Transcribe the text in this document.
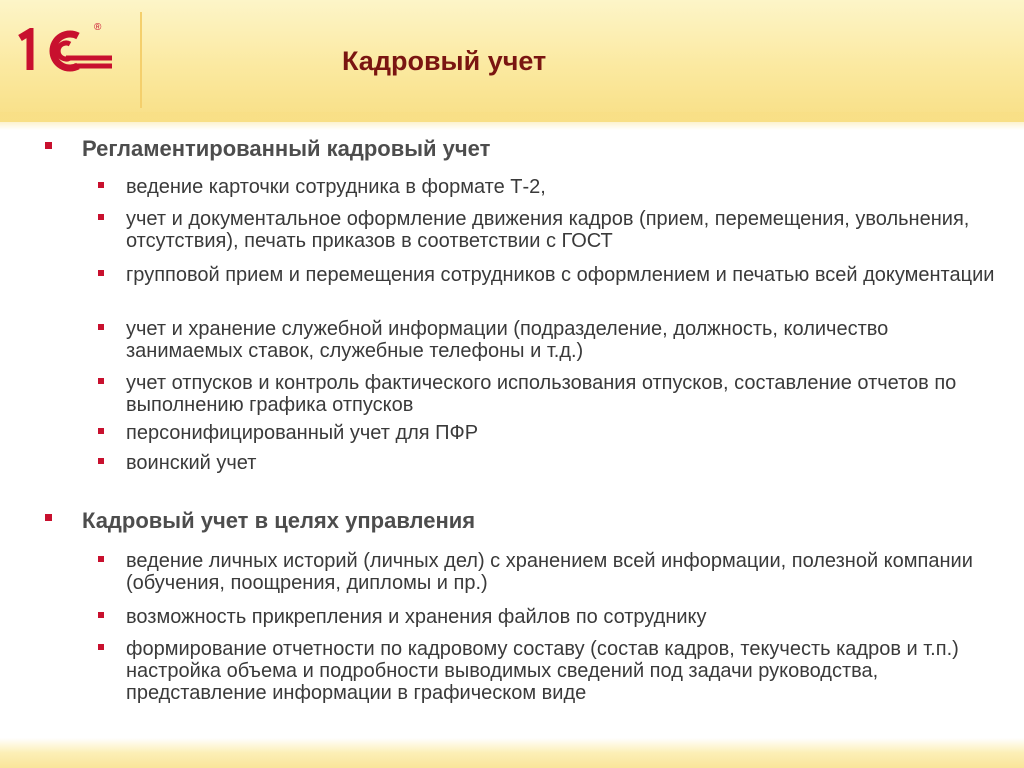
®
Кадровый учет
Регламентированный кадровый учет
ведение карточки сотрудника в формате Т-2,
учет и документальное оформление движения кадров (прием, перемещения, увольнения, отсутствия), печать приказов в соответствии с ГОСТ
групповой прием и перемещения сотрудников с оформлением и печатью всей документации
учет и хранение служебной информации (подразделение, должность, количество занимаемых ставок, служебные телефоны и т.д.)
учет отпусков и контроль фактического использования отпусков, составление отчетов по выполнению графика отпусков
персонифицированный учет для ПФР
воинский учет
Кадровый учет в целях управления
ведение личных историй (личных дел) с хранением всей информации, полезной компании (обучения, поощрения, дипломы и пр.)
возможность прикрепления и хранения файлов по сотруднику
формирование отчетности по кадровому составу (состав кадров, текучесть кадров и т.п.) настройка объема и подробности выводимых сведений под задачи руководства, представление информации в графическом виде
